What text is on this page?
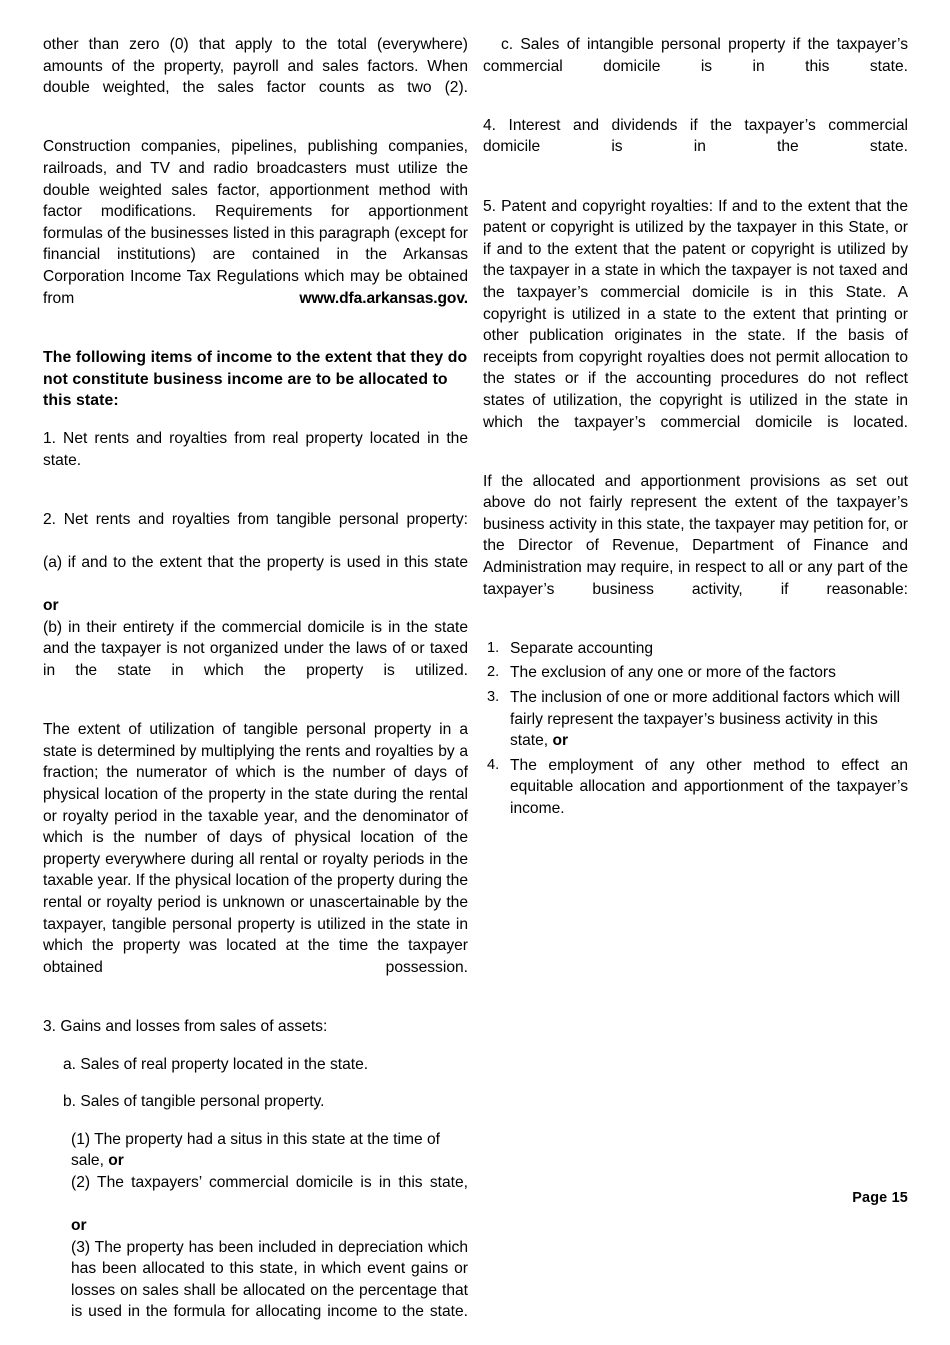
other than zero (0) that apply to the total (everywhere) amounts of the property, payroll and sales factors. When double weighted, the sales factor counts as two (2).

Construction companies, pipelines, publishing companies, railroads, and TV and radio broadcasters must utilize the double weighted sales factor, apportionment method with factor modifications. Requirements for apportionment formulas of the businesses listed in this paragraph (except for financial institutions) are contained in the Arkansas Corporation Income Tax Regulations which may be obtained from www.dfa.arkansas.gov.

The following items of income to the extent that they do not constitute business income are to be allocated to this state:

1. Net rents and royalties from real property located in the state.

2. Net rents and royalties from tangible personal property:
(a) if and to the extent that the property is used in this state
or
(b) in their entirety if the commercial domicile is in the state and the taxpayer is not organized under the laws of or taxed in the state in which the property is utilized.

The extent of utilization of tangible personal property in a state is determined by multiplying the rents and royalties by a fraction; the numerator of which is the number of days of physical location of the property in the state during the rental or royalty period in the taxable year, and the denominator of which is the number of days of physical location of the property everywhere during all rental or royalty periods in the taxable year. If the physical location of the property during the rental or royalty period is unknown or unascertainable by the taxpayer, tangible personal property is utilized in the state in which the property was located at the time the taxpayer obtained possession.

3. Gains and losses from sales of assets:

a. Sales of real property located in the state.

b. Sales of tangible personal property.

(1) The property had a situs in this state at the time of sale, or
(2) The taxpayers’ commercial domicile is in this state,
or
(3) The property has been included in depreciation which has been allocated to this state, in which event gains or losses on sales shall be allocated on the percentage that is used in the formula for allocating income to the state.

c. Sales of intangible personal property if the taxpayer’s commercial domicile is in this state.

4. Interest and dividends if the taxpayer’s commercial domicile is in the state.

5. Patent and copyright royalties: If and to the extent that the patent or copyright is utilized by the taxpayer in this State, or if and to the extent that the patent or copyright is utilized by the taxpayer in a state in which the taxpayer is not taxed and the taxpayer’s commercial domicile is in this State. A copyright is utilized in a state to the extent that printing or other publication originates in the state. If the basis of receipts from copyright royalties does not permit allocation to the states or if the accounting procedures do not reflect states of utilization, the copyright is utilized in the state in which the taxpayer’s commercial domicile is located.

If the allocated and apportionment provisions as set out above do not fairly represent the extent of the taxpayer’s business activity in this state, the taxpayer may petition for, or the Director of Revenue, Department of Finance and Administration may require, in respect to all or any part of the taxpayer’s business activity, if reasonable:

Separate accounting
The exclusion of any one or more of the factors
The inclusion of one or more additional factors which will fairly represent the taxpayer’s business activity in this state, or
The employment of any other method to effect an equitable allocation and apportionment of the taxpayer’s income.
Page 15
